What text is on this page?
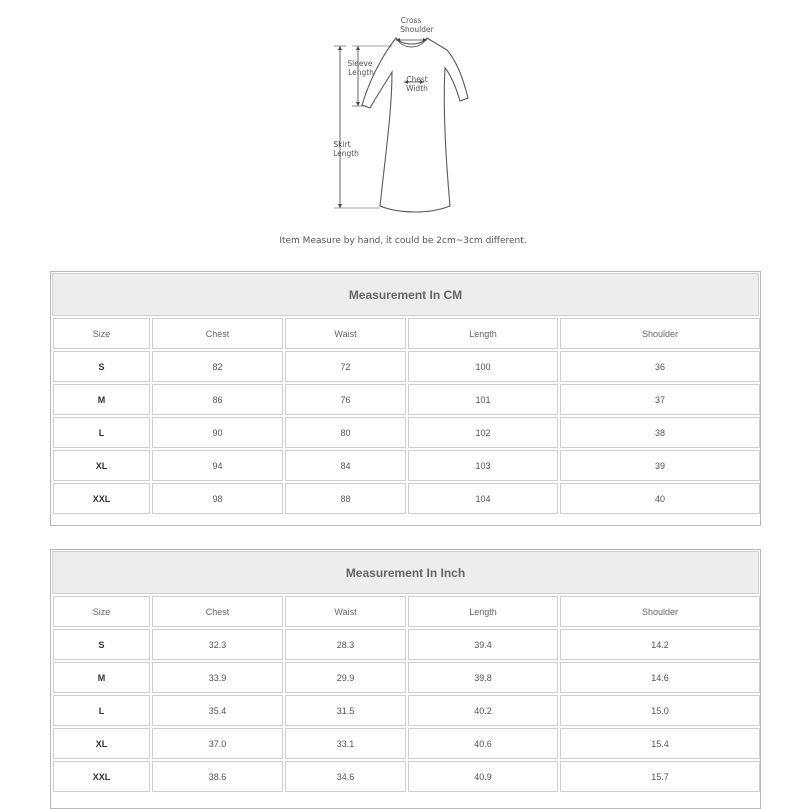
Cross
Shoulder
Sleeve
Length
Chest
Width
Skirt
Length
Item Measure by hand, it could be 2cm~3cm different.
Measurement In CM
Size	Chest	Waist	Length	Shoulder
S	82	72	100	36
M	86	76	101	37
L	90	80	102	38
XL	94	84	103	39
XXL	98	88	104	40
Measurement In Inch
Size	Chest	Waist	Length	Shoulder
S	32.3	28.3	39.4	14.2
M	33.9	29.9	39.8	14.6
L	35.4	31.5	40.2	15.0
XL	37.0	33.1	40.6	15.4
XXL	38.6	34.6	40.9	15.7
